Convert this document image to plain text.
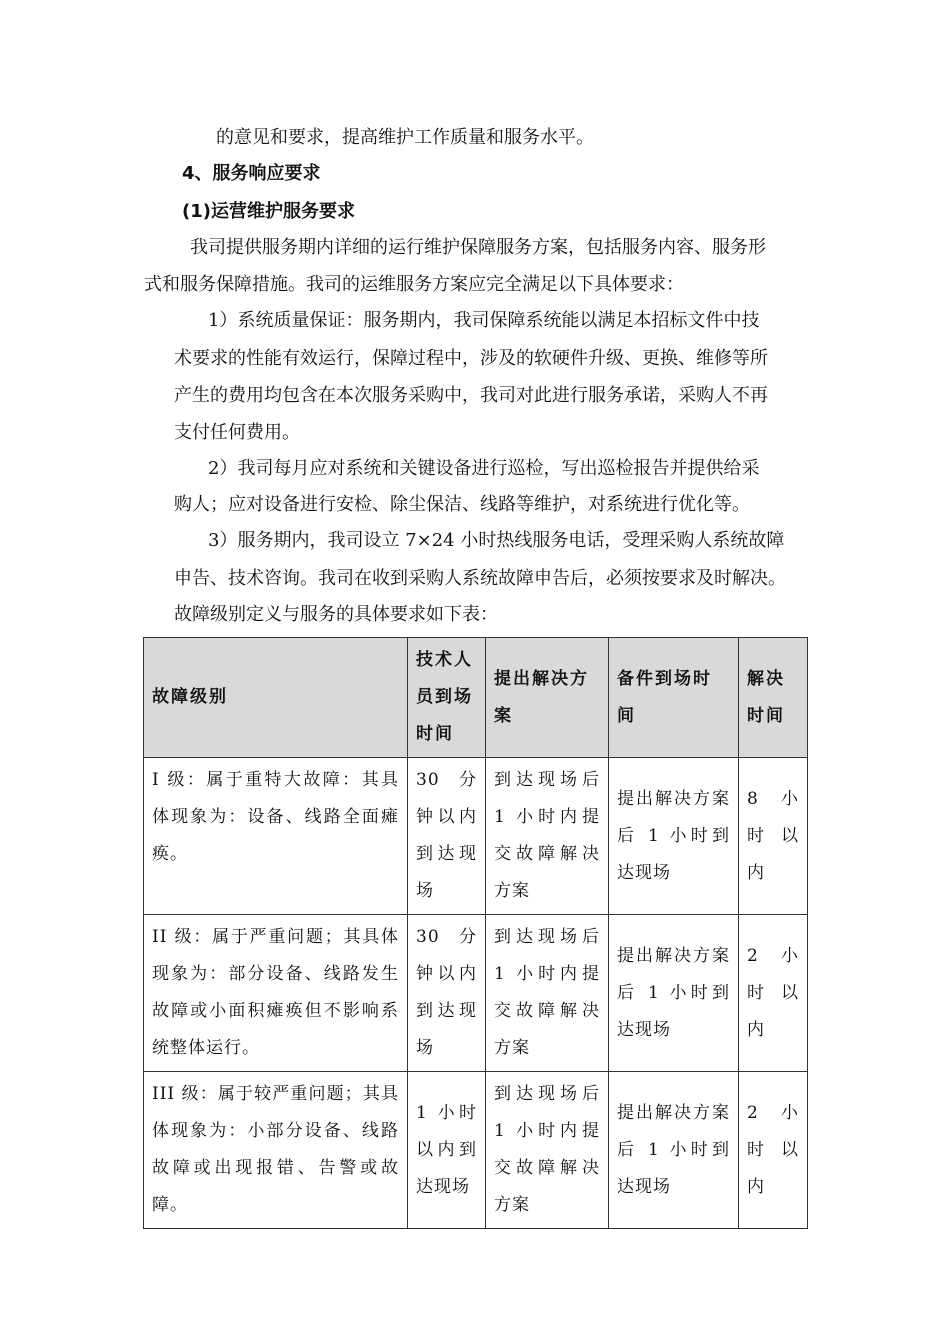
的意见和要求，提高维护工作质量和服务水平。
4、服务响应要求
(1)运营维护服务要求
我司提供服务期内详细的运行维护保障服务方案，包括服务内容、服务形
式和服务保障措施。我司的运维服务方案应完全满足以下具体要求：
1）系统质量保证：服务期内，我司保障系统能以满足本招标文件中技
术要求的性能有效运行，保障过程中，涉及的软硬件升级、更换、维修等所
产生的费用均包含在本次服务采购中，我司对此进行服务承诺，采购人不再
支付任何费用。
2）我司每月应对系统和关键设备进行巡检，写出巡检报告并提供给采
购人；应对设备进行安检、除尘保洁、线路等维护，对系统进行优化等。
3）服务期内，我司设立 7×24 小时热线服务电话，受理采购人系统故障
申告、技术咨询。我司在收到采购人系统故障申告后，必须按要求及时解决。
故障级别定义与服务的具体要求如下表：
故障级别	技术人员到场时间	提出解决方案	备件到场时间	解决时间
I 级：属于重特大故障：其具体现象为：设备、线路全面瘫痪。	30 分钟以内到达现场	到达现场后 1 小时内提交故障解决方案	提出解决方案后 1 小时到达现场	8 小时以内
II 级：属于严重问题；其具体现象为：部分设备、线路发生故障或小面积瘫痪但不影响系统整体运行。	30 分钟以内到达现场	到达现场后 1 小时内提交故障解决方案	提出解决方案后 1 小时到达现场	2 小时以内
III 级：属于较严重问题；其具体现象为：小部分设备、线路故障或出现报错、告警或故障。	1 小时以内到达现场	到达现场后 1 小时内提交故障解决方案	提出解决方案后 1 小时到达现场	2 小时以内
